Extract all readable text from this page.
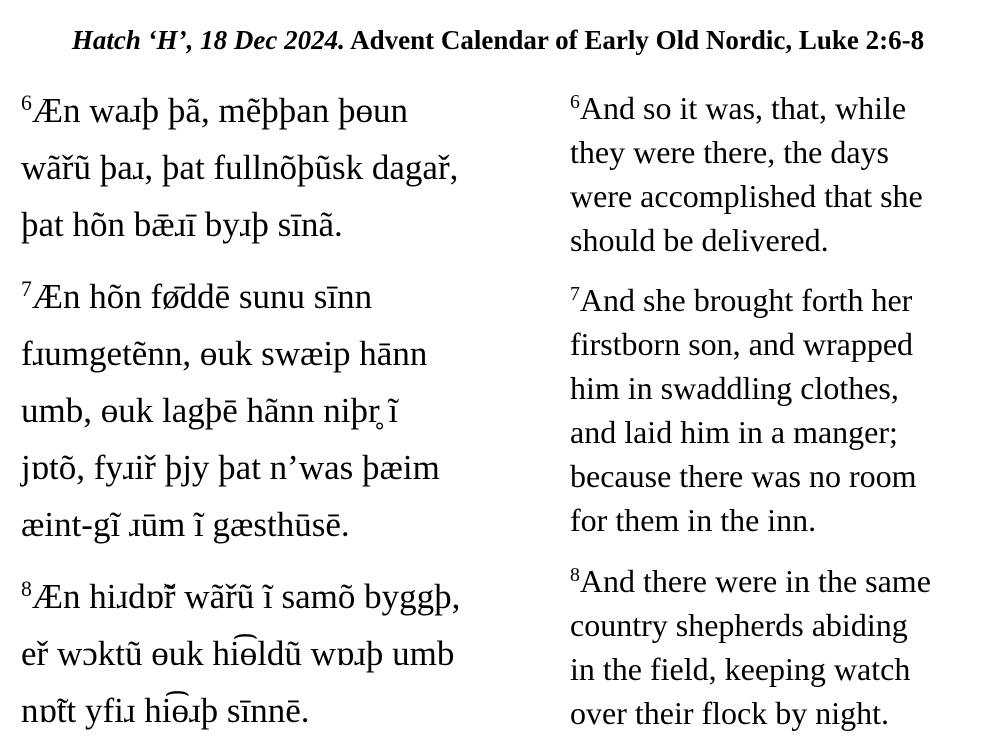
Hatch ‘H’, 18 Dec 2024. Advent Calendar of Early Old Nordic, Luke 2:6-8
$^6$Æn waɹþ þã, mẽþþan þɵun
wãřũ þaɹ, þat fullnõþũsk dagař,
þat hõn bǣɹī byɹþ sīnã.
$^7$Æn hõn fø̄ddē sunu sīnn
fɹumgetẽnn, ɵuk swæip hānn
umb, ɵuk lagþē hãnn niþr̥ ĩ
jɒtõ, fyɹiř þjy þat n’was þæim
æint-gĩ ɹūm ĩ gæsthūsē.
$^8$Æn hiɹdɒ̃ř wãřũ ĩ samõ byggþ,
eř wɔktũ ɵuk hi͡ɵldũ wɒɹþ umb
nɒ̃tt yfiɹ hi͡ɵɹþ sīnnē.
$^6$And so it was, that, while
they were there, the days
were accomplished that she
should be delivered.
$^7$And she brought forth her
firstborn son, and wrapped
him in swaddling clothes,
and laid him in a manger;
because there was no room
for them in the inn.
$^8$And there were in the same
country shepherds abiding
in the field, keeping watch
over their flock by night.
